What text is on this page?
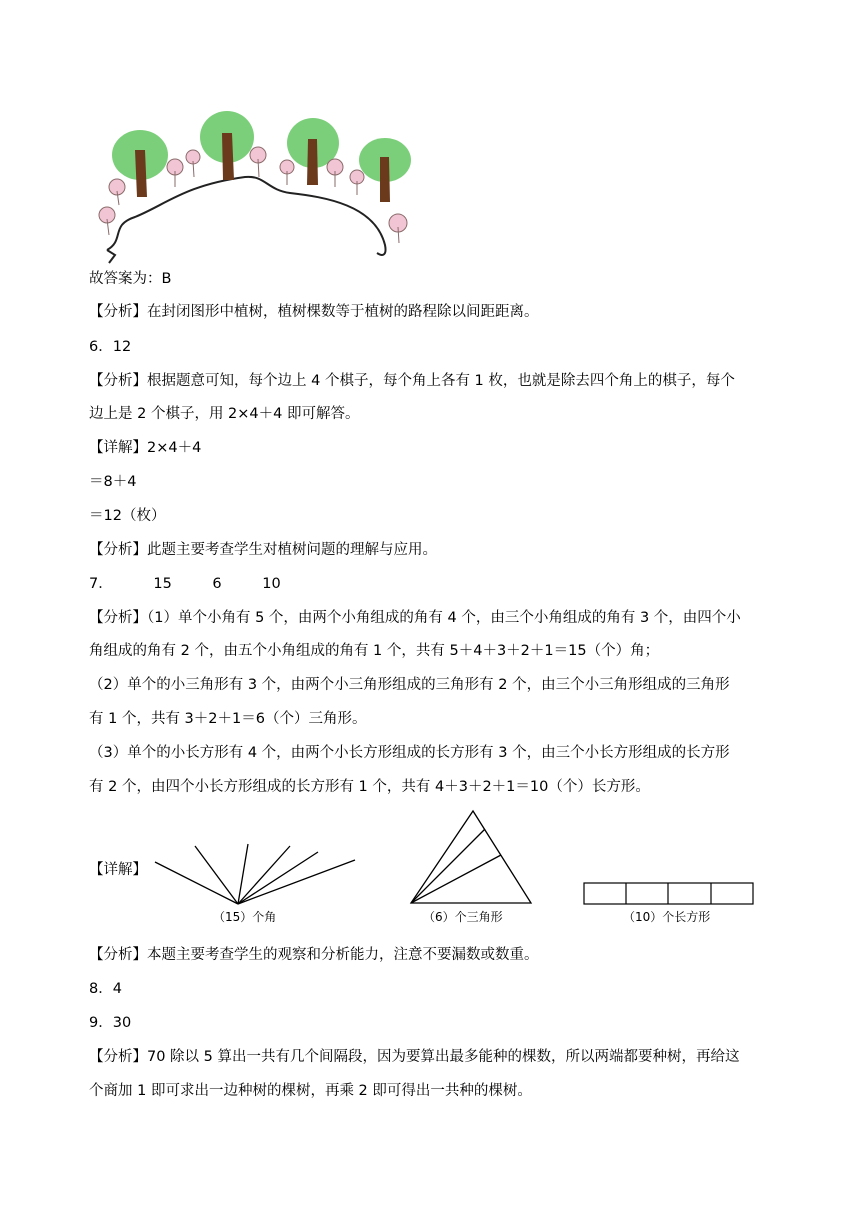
故答案为：B
【分析】在封闭图形中植树，植树棵数等于植树的路程除以间距距离。
6．12
【分析】根据题意可知，每个边上 4 个棋子，每个角上各有 1 枚，也就是除去四个角上的棋子，每个
边上是 2 个棋子，用 2×4＋4 即可解答。
【详解】2×4＋4
＝8＋4
＝12（枚）
【分析】此题主要考查学生对植树问题的理解与应用。
7．	15	6	10
【分析】（1）单个小角有 5 个，由两个小角组成的角有 4 个，由三个小角组成的角有 3 个，由四个小
角组成的角有 2 个，由五个小角组成的角有 1 个，共有 5＋4＋3＋2＋1＝15（个）角；
（2）单个的小三角形有 3 个，由两个小三角形组成的三角形有 2 个，由三个小三角形组成的三角形
有 1 个，共有 3＋2＋1＝6（个）三角形。
（3）单个的小长方形有 4 个，由两个小长方形组成的长方形有 3 个，由三个小长方形组成的长方形
有 2 个，由四个小长方形组成的长方形有 1 个，共有 4＋3＋2＋1＝10（个）长方形。
【详解】
（15）个角	（6）个三角形	（10）个长方形
【分析】本题主要考查学生的观察和分析能力，注意不要漏数或数重。
8．4
9．30
【分析】70 除以 5 算出一共有几个间隔段，因为要算出最多能种的棵数，所以两端都要种树，再给这
个商加 1 即可求出一边种树的棵树，再乘 2 即可得出一共种的棵树。
